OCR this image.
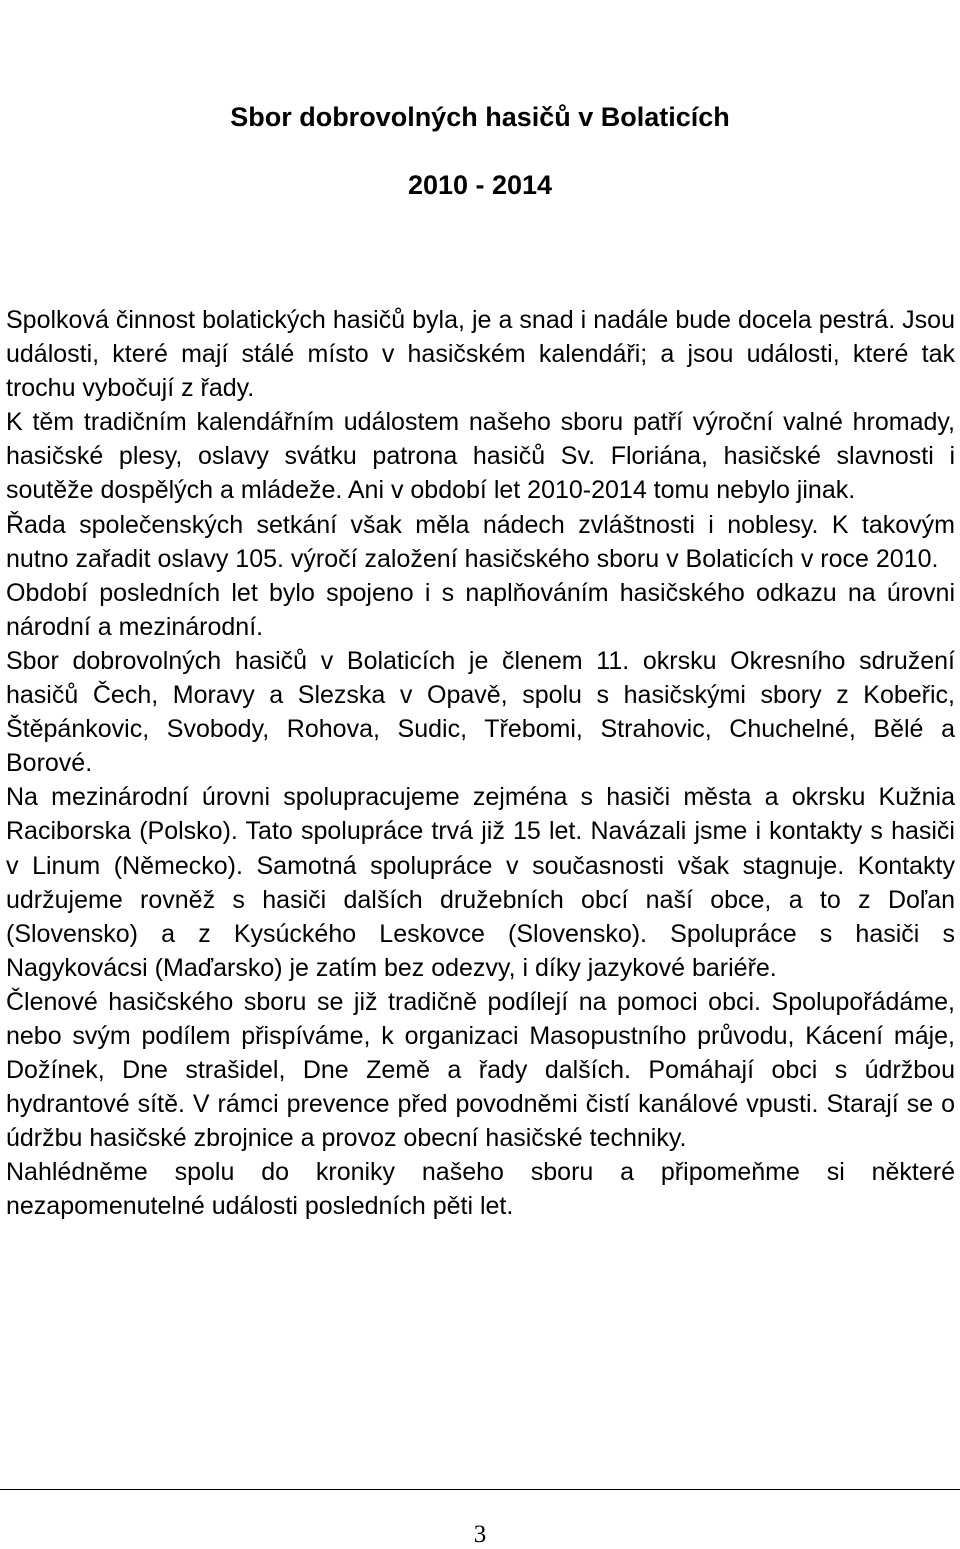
Sbor dobrovolných hasičů v Bolaticích
2010 - 2014

Spolková činnost bolatických hasičů byla, je a snad i nadále bude docela pestrá. Jsou události, které mají stálé místo v hasičském kalendáři; a jsou události, které tak trochu vybočují z řady.

K těm tradičním kalendářním událostem našeho sboru patří výroční valné hromady, hasičské plesy, oslavy svátku patrona hasičů Sv. Floriána, hasičské slavnosti i soutěže dospělých a mládeže. Ani v období let 2010-2014 tomu nebylo jinak.

Řada společenských setkání však měla nádech zvláštnosti i noblesy. K takovým nutno zařadit oslavy 105. výročí založení hasičského sboru v Bolaticích v roce 2010.

Období posledních let bylo spojeno i s naplňováním hasičského odkazu na úrovni národní a mezinárodní.

Sbor dobrovolných hasičů v Bolaticích je členem 11. okrsku Okresního sdružení hasičů Čech, Moravy a Slezska v Opavě, spolu s hasičskými sbory z Kobeřic, Štěpánkovic, Svobody, Rohova, Sudic, Třebomi, Strahovic, Chuchelné, Bělé a Borové.

Na mezinárodní úrovni spolupracujeme zejména s hasiči města a okrsku Kužnia Raciborska (Polsko). Tato spolupráce trvá již 15 let. Navázali jsme i kontakty s hasiči v Linum (Německo). Samotná spolupráce v současnosti však stagnuje. Kontakty udržujeme rovněž s hasiči dalších družebních obcí naší obce, a to z Doľan (Slovensko) a z Kysúckého Leskovce (Slovensko). Spolupráce s hasiči s Nagykovácsi (Maďarsko) je zatím bez odezvy, i díky jazykové bariéře.

Členové hasičského sboru se již tradičně podílejí na pomoci obci. Spolupořádáme, nebo svým podílem přispíváme, k organizaci Masopustního průvodu, Kácení máje, Dožínek, Dne strašidel, Dne Země a řady dalších. Pomáhají obci s údržbou hydrantové sítě. V rámci prevence před povodněmi čistí kanálové vpusti. Starají se o údržbu hasičské zbrojnice a provoz obecní hasičské techniky.

Nahlédněme spolu do kroniky našeho sboru a připomeňme si některé nezapomenutelné události posledních pěti let.

3
